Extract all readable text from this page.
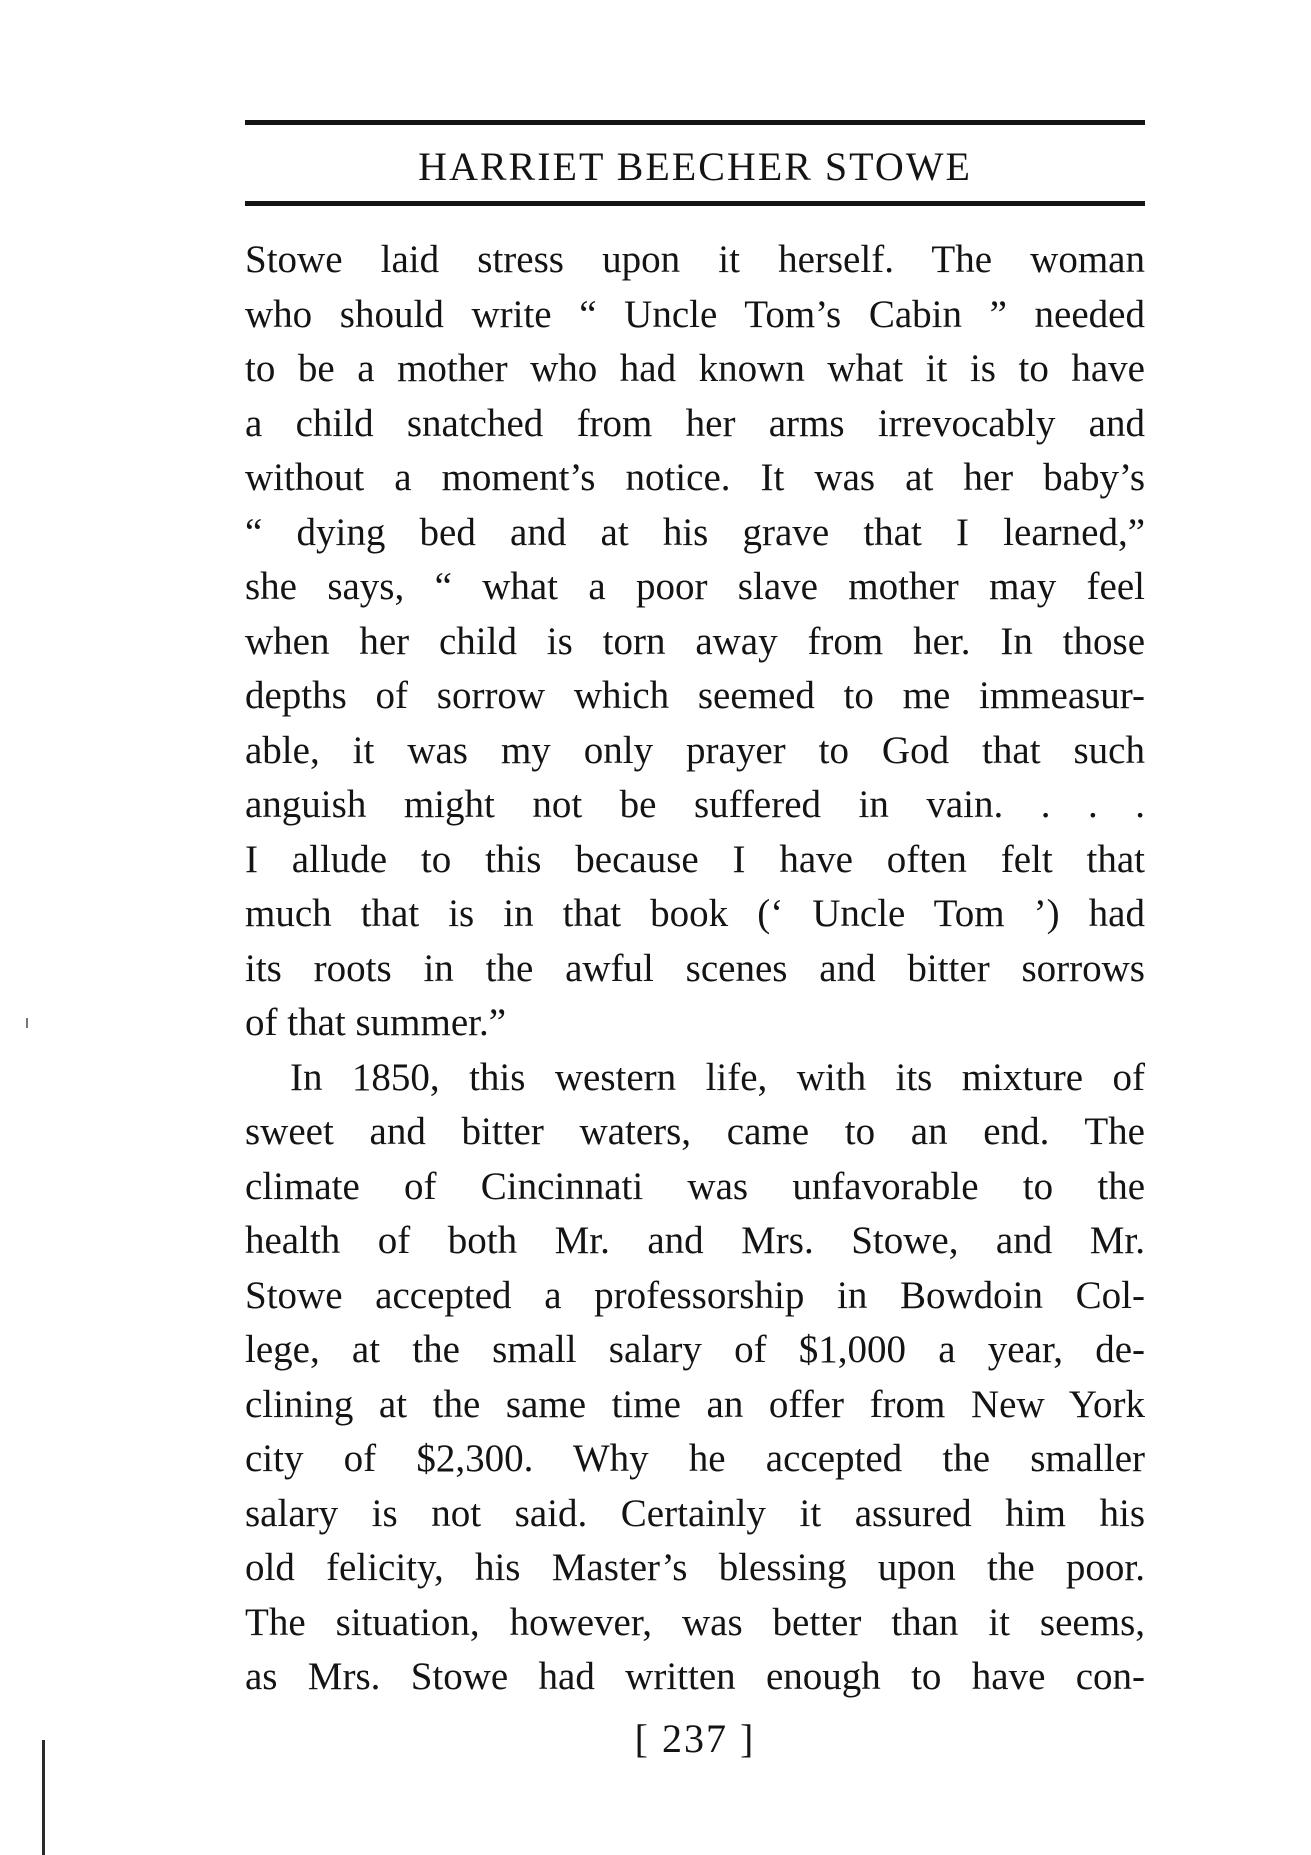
HARRIET BEECHER STOWE
Stowe laid stress upon it herself. The woman
who should write “ Uncle Tom’s Cabin ” needed
to be a mother who had known what it is to have
a child snatched from her arms irrevocably and
without a moment’s notice. It was at her baby’s
“ dying bed and at his grave that I learned,”
she says, “ what a poor slave mother may feel
when her child is torn away from her. In those
depths of sorrow which seemed to me immeasur-
able, it was my only prayer to God that such
anguish might not be suffered in vain. . . .
I allude to this because I have often felt that
much that is in that book (‘ Uncle Tom ’) had
its roots in the awful scenes and bitter sorrows
of that summer.”
In 1850, this western life, with its mixture of
sweet and bitter waters, came to an end. The
climate of Cincinnati was unfavorable to the
health of both Mr. and Mrs. Stowe, and Mr.
Stowe accepted a professorship in Bowdoin Col-
lege, at the small salary of $1,000 a year, de-
clining at the same time an offer from New York
city of $2,300. Why he accepted the smaller
salary is not said. Certainly it assured him his
old felicity, his Master’s blessing upon the poor.
The situation, however, was better than it seems,
as Mrs. Stowe had written enough to have con-
[ 237 ]
